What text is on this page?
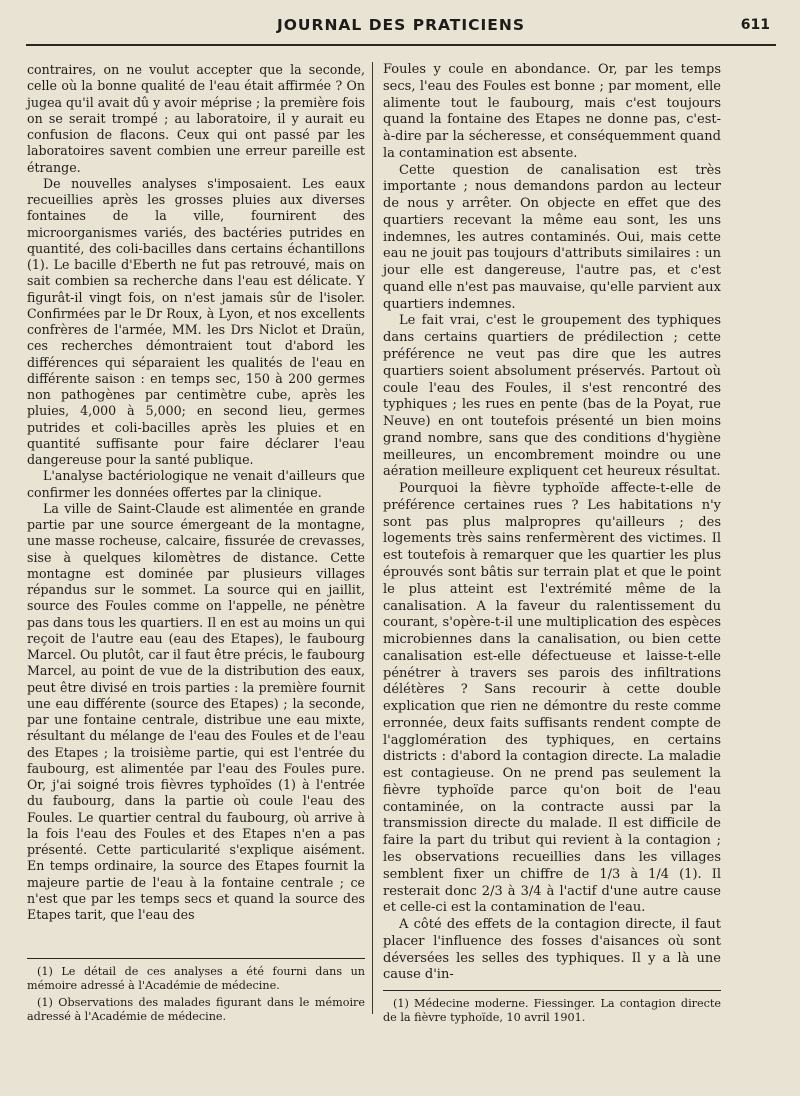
JOURNAL DES PRATICIENS	611

contraires, on ne voulut accepter que la seconde, celle où la bonne qualité de l'eau était affirmée ? On jugea qu'il avait dû y avoir méprise ; la première fois on se serait trompé ; au laboratoire, il y aurait eu confusion de flacons. Ceux qui ont passé par les laboratoires savent combien une erreur pareille est étrange.

De nouvelles analyses s'imposaient. Les eaux recueillies après les grosses pluies aux diverses fontaines de la ville, fournirent des microorganismes variés, des bactéries putrides en quantité, des coli-bacilles dans certains échantillons (1). Le bacille d'Eberth ne fut pas retrouvé, mais on sait combien sa recherche dans l'eau est délicate. Y figurât-il vingt fois, on n'est jamais sûr de l'isoler. Confirmées par le Dr Roux, à Lyon, et nos excellents confrères de l'armée, MM. les Drs Niclot et Draün, ces recherches démontraient tout d'abord les différences qui séparaient les qualités de l'eau en différente saison : en temps sec, 150 à 200 germes non pathogènes par centimètre cube, après les pluies, 4,000 à 5,000; en second lieu, germes putrides et coli-bacilles après les pluies et en quantité suffisante pour faire déclarer l'eau dangereuse pour la santé publique.

L'analyse bactériologique ne venait d'ailleurs que confirmer les données offertes par la clinique.

La ville de Saint-Claude est alimentée en grande partie par une source émergeant de la montagne, une masse rocheuse, calcaire, fissurée de crevasses, sise à quelques kilomètres de distance. Cette montagne est dominée par plusieurs villages répandus sur le sommet. La source qui en jaillit, source des Foules comme on l'appelle, ne pénètre pas dans tous les quartiers. Il en est au moins un qui reçoit de l'autre eau (eau des Etapes), le faubourg Marcel. Ou plutôt, car il faut être précis, le faubourg Marcel, au point de vue de la distribution des eaux, peut être divisé en trois parties : la première fournit une eau différente (source des Etapes) ; la seconde, par une fontaine centrale, distribue une eau mixte, résultant du mélange de l'eau des Foules et de l'eau des Etapes ; la troisième partie, qui est l'entrée du faubourg, est alimentée par l'eau des Foules pure. Or, j'ai soigné trois fièvres typhoïdes (1) à l'entrée du faubourg, dans la partie où coule l'eau des Foules. Le quartier central du faubourg, où arrive à la fois l'eau des Foules et des Etapes n'en a pas présenté. Cette particularité s'explique aisément. En temps ordinaire, la source des Etapes fournit la majeure partie de l'eau à la fontaine centrale ; ce n'est que par les temps secs et quand la source des Etapes tarit, que l'eau des

Foules y coule en abondance. Or, par les temps secs, l'eau des Foules est bonne ; par moment, elle alimente tout le faubourg, mais c'est toujours quand la fontaine des Etapes ne donne pas, c'est-à-dire par la sécheresse, et conséquemment quand la contamination est absente.

Cette question de canalisation est très importante ; nous demandons pardon au lecteur de nous y arrêter. On objecte en effet que des quartiers recevant la même eau sont, les uns indemnes, les autres contaminés. Oui, mais cette eau ne jouit pas toujours d'attributs similaires : un jour elle est dangereuse, l'autre pas, et c'est quand elle n'est pas mauvaise, qu'elle parvient aux quartiers indemnes.

Le fait vrai, c'est le groupement des typhiques dans certains quartiers de prédilection ; cette préférence ne veut pas dire que les autres quartiers soient absolument préservés. Partout où coule l'eau des Foules, il s'est rencontré des typhiques ; les rues en pente (bas de la Poyat, rue Neuve) en ont toutefois présenté un bien moins grand nombre, sans que des conditions d'hygiène meilleures, un encombrement moindre ou une aération meilleure expliquent cet heureux résultat.

Pourquoi la fièvre typhoïde affecte-t-elle de préférence certaines rues ? Les habitations n'y sont pas plus malpropres qu'ailleurs ; des logements très sains renfermèrent des victimes. Il est toutefois à remarquer que les quartier les plus éprouvés sont bâtis sur terrain plat et que le point le plus atteint est l'extrémité même de la canalisation. A la faveur du ralentissement du courant, s'opère-t-il une multiplication des espèces microbiennes dans la canalisation, ou bien cette canalisation est-elle défectueuse et laisse-t-elle pénétrer à travers ses parois des infiltrations délétères ? Sans recourir à cette double explication que rien ne démontre du reste comme erronnée, deux faits suffisants rendent compte de l'agglomération des typhiques, en certains districts : d'abord la contagion directe. La maladie est contagieuse. On ne prend pas seulement la fièvre typhoïde parce qu'on boit de l'eau contaminée, on la contracte aussi par la transmission directe du malade. Il est difficile de faire la part du tribut qui revient à la contagion ; les observations recueillies dans les villages semblent fixer un chiffre de 1/3 à 1/4 (1). Il resterait donc 2/3 à 3/4 à l'actif d'une autre cause et celle-ci est la contamination de l'eau.

A côté des effets de la contagion directe, il faut placer l'influence des fosses d'aisances où sont déversées les selles des typhiques. Il y a là une cause d'in-

(1) Le détail de ces analyses a été fourni dans un mémoire adressé à l'Académie de médecine.

(1) Observations des malades figurant dans le mémoire adressé à l'Académie de médecine.

(1) Médecine moderne. Fiessinger. La contagion directe de la fièvre typhoïde, 10 avril 1901.
